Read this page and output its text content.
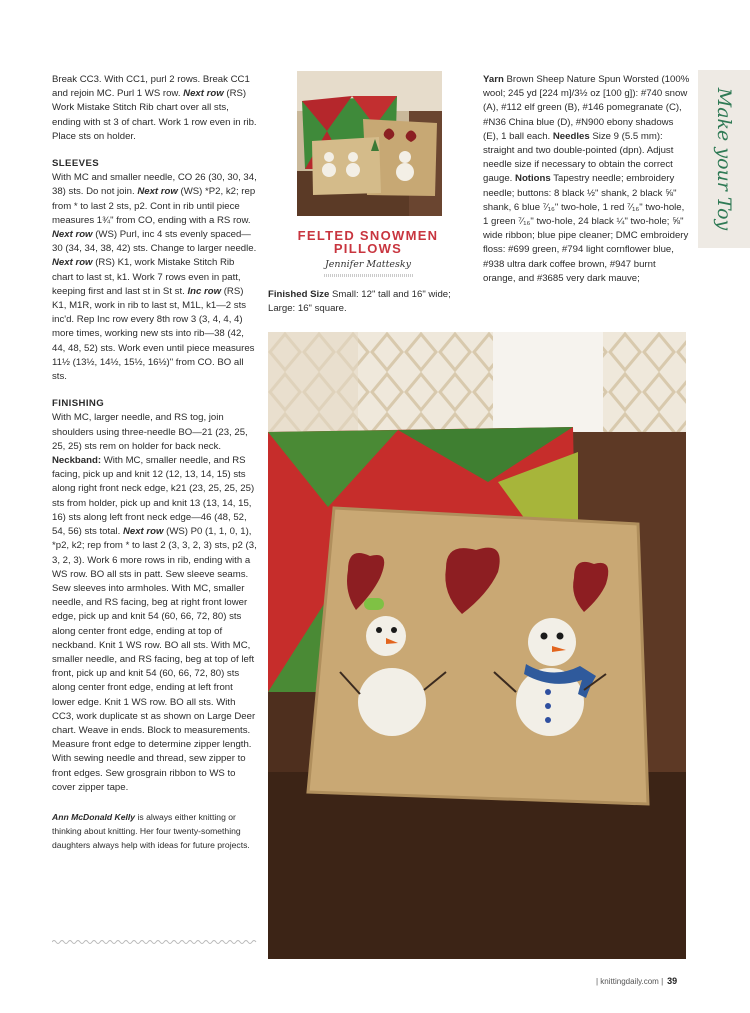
Break CC3. With CC1, purl 2 rows. Break CC1 and rejoin MC. Purl 1 WS row. Next row (RS) Work Mistake Stitch Rib chart over all sts, ending with st 3 of chart. Work 1 row even in rib. Place sts on holder.

SLEEVES

With MC and smaller needle, CO 26 (30, 30, 34, 38) sts. Do not join. Next row (WS) *P2, k2; rep from * to last 2 sts, p2. Cont in rib until piece measures 1¾" from CO, ending with a RS row. Next row (WS) Purl, inc 4 sts evenly spaced—30 (34, 34, 38, 42) sts. Change to larger needle. Next row (RS) K1, work Mistake Stitch Rib chart to last st, k1. Work 7 rows even in patt, keeping first and last st in St st. Inc row (RS) K1, M1R, work in rib to last st, M1L, k1—2 sts inc'd. Rep Inc row every 8th row 3 (3, 4, 4, 4) more times, working new sts into rib—38 (42, 44, 48, 52) sts. Work even until piece measures 11½ (13½, 14½, 15½, 16½)" from CO. BO all sts.

FINISHING

With MC, larger needle, and RS tog, join shoulders using three-needle BO—21 (23, 25, 25, 25) sts rem on holder for back neck. Neckband: With MC, smaller needle, and RS facing, pick up and knit 12 (12, 13, 14, 15) sts along right front neck edge, k21 (23, 25, 25, 25) sts from holder, pick up and knit 13 (13, 14, 15, 16) sts along left front neck edge—46 (48, 52, 54, 56) sts total. Next row (WS) P0 (1, 1, 0, 1), *p2, k2; rep from * to last 2 (3, 3, 2, 3) sts, p2 (3, 3, 2, 3). Work 6 more rows in rib, ending with a WS row. BO all sts in patt. Sew sleeve seams. Sew sleeves into armholes. With MC, smaller needle, and RS facing, beg at right front lower edge, pick up and knit 54 (60, 66, 72, 80) sts along center front edge, ending at top of neckband. Knit 1 WS row. BO all sts. With MC, smaller needle, and RS facing, beg at top of left front, pick up and knit 54 (60, 66, 72, 80) sts along center front edge, ending at left front lower edge. Knit 1 WS row. BO all sts. With CC3, work duplicate st as shown on Large Deer chart. Weave in ends. Block to measurements. Measure front edge to determine zipper length. With sewing needle and thread, sew zipper to front edges. Sew grosgrain ribbon to WS to cover zipper tape.

Ann McDonald Kelly is always either knitting or thinking about knitting. Her four twenty-something daughters always help with ideas for future projects.

FELTED SNOWMEN PILLOWS
Jennifer Mattesky

Finished Size Small: 12" tall and 16" wide; Large: 16" square.

Yarn Brown Sheep Nature Spun Worsted (100% wool; 245 yd [224 m]/3½ oz [100 g]): #740 snow (A), #112 elf green (B), #146 pomegranate (C), #N36 China blue (D), #N900 ebony shadows (E), 1 ball each. Needles Size 9 (5.5 mm): straight and two double-pointed (dpn). Adjust needle size if necessary to obtain the correct gauge. Notions Tapestry needle; embroidery needle; buttons: 8 black ½" shank, 2 black ⅝" shank, 6 blue ⁷⁄₁₆" two-hole, 1 red ⁷⁄₁₆" two-hole, 1 green ⁷⁄₁₆" two-hole, 24 black ¼" two-hole; ⅝" wide ribbon; blue pipe cleaner; DMC embroidery floss: #699 green, #794 light cornflower blue, #938 ultra dark coffee brown, #947 burnt orange, and #3685 very dark mauve;

Make your Toy
| knittingdaily.com | 39
